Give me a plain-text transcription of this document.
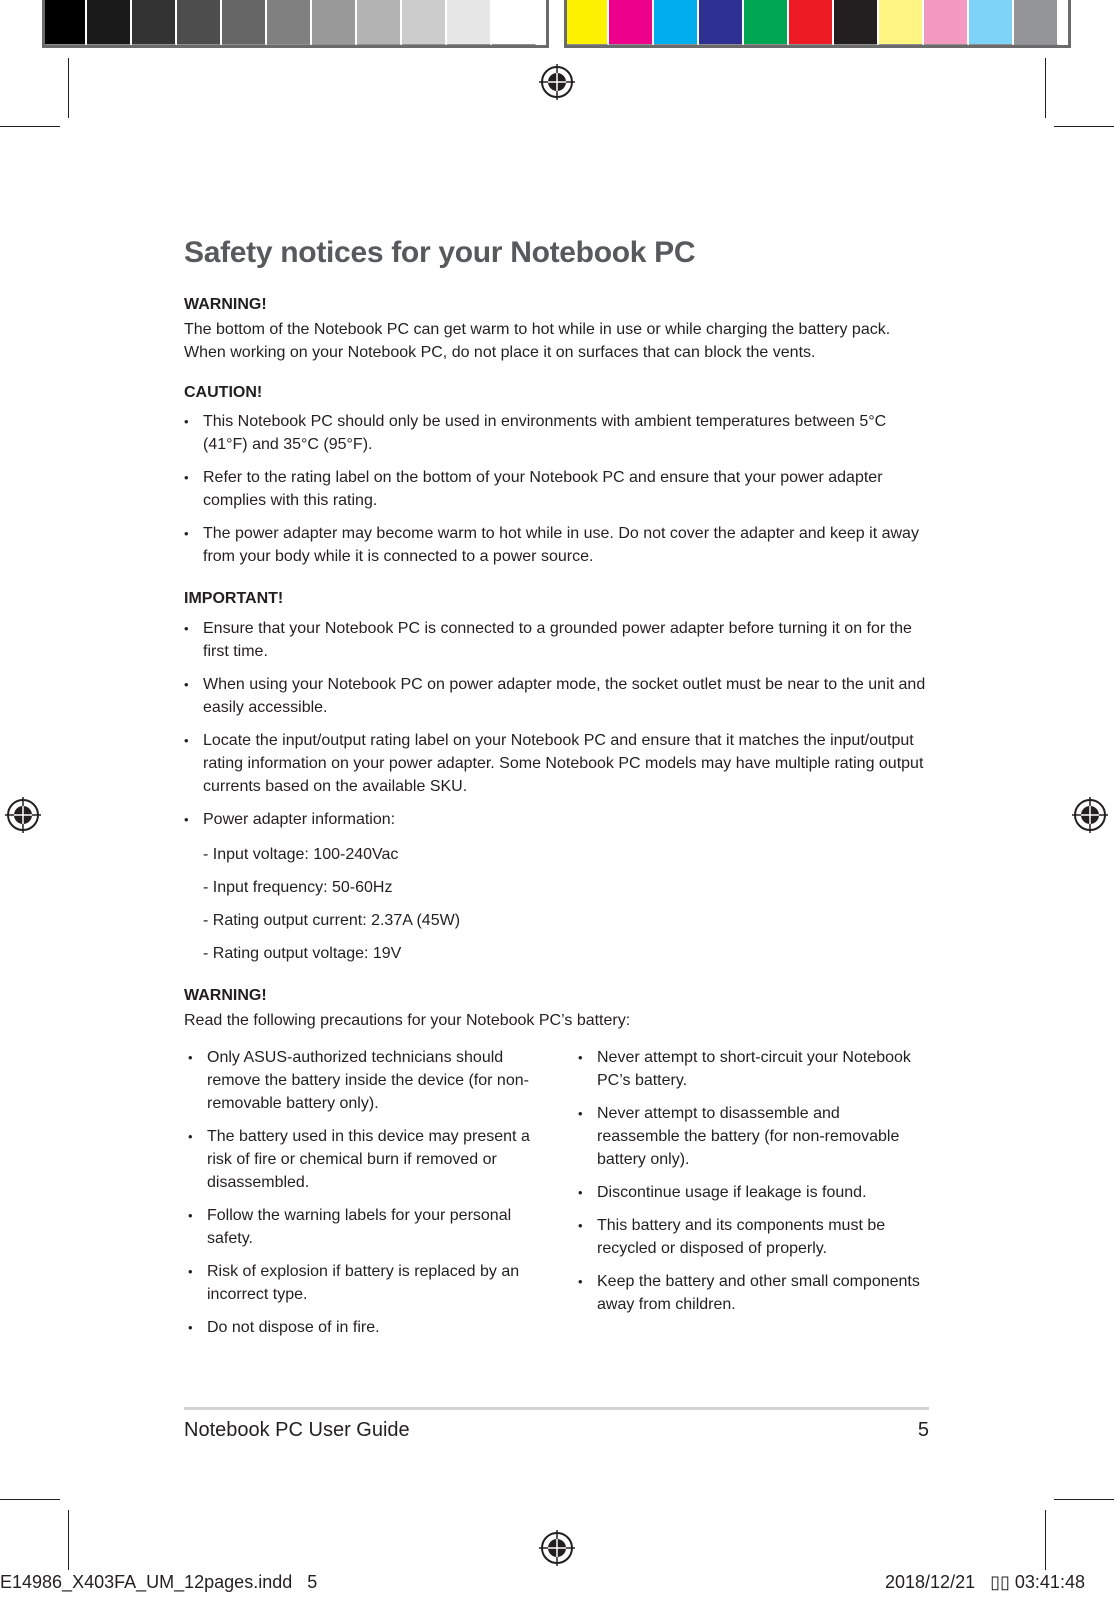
Safety notices for your Notebook PC

WARNING!

The bottom of the Notebook PC can get warm to hot while in use or while charging the battery pack. When working on your Notebook PC, do not place it on surfaces that can block the vents.

CAUTION!

• This Notebook PC should only be used in environments with ambient temperatures between 5°C (41°F) and 35°C (95°F).
• Refer to the rating label on the bottom of your Notebook PC and ensure that your power adapter complies with this rating.
• The power adapter may become warm to hot while in use. Do not cover the adapter and keep it away from your body while it is connected to a power source.

IMPORTANT!

• Ensure that your Notebook PC is connected to a grounded power adapter before turning it on for the first time.
• When using your Notebook PC on power adapter mode, the socket outlet must be near to the unit and easily accessible.
• Locate the input/output rating label on your Notebook PC and ensure that it matches the input/output rating information on your power adapter. Some Notebook PC models may have multiple rating output currents based on the available SKU.
• Power adapter information:

- Input voltage: 100-240Vac

- Input frequency: 50-60Hz

- Rating output current: 2.37A (45W)

- Rating output voltage: 19V

WARNING!

Read the following precautions for your Notebook PC’s battery:

• Only ASUS-authorized technicians should remove the battery inside the device (for non-removable battery only).
• The battery used in this device may present a risk of fire or chemical burn if removed or disassembled.
• Follow the warning labels for your personal safety.
• Risk of explosion if battery is replaced by an incorrect type.
• Do not dispose of in fire.
• Never attempt to short-circuit your Notebook PC’s battery.
• Never attempt to disassemble and reassemble the battery (for non-removable battery only).
• Discontinue usage if leakage is found.
• This battery and its components must be recycled or disposed of properly.
• Keep the battery and other small components away from children.
Notebook PC User Guide	5
E14986_X403FA_UM_12pages.indd   5	2018/12/21   ▯▯ 03:41:48
